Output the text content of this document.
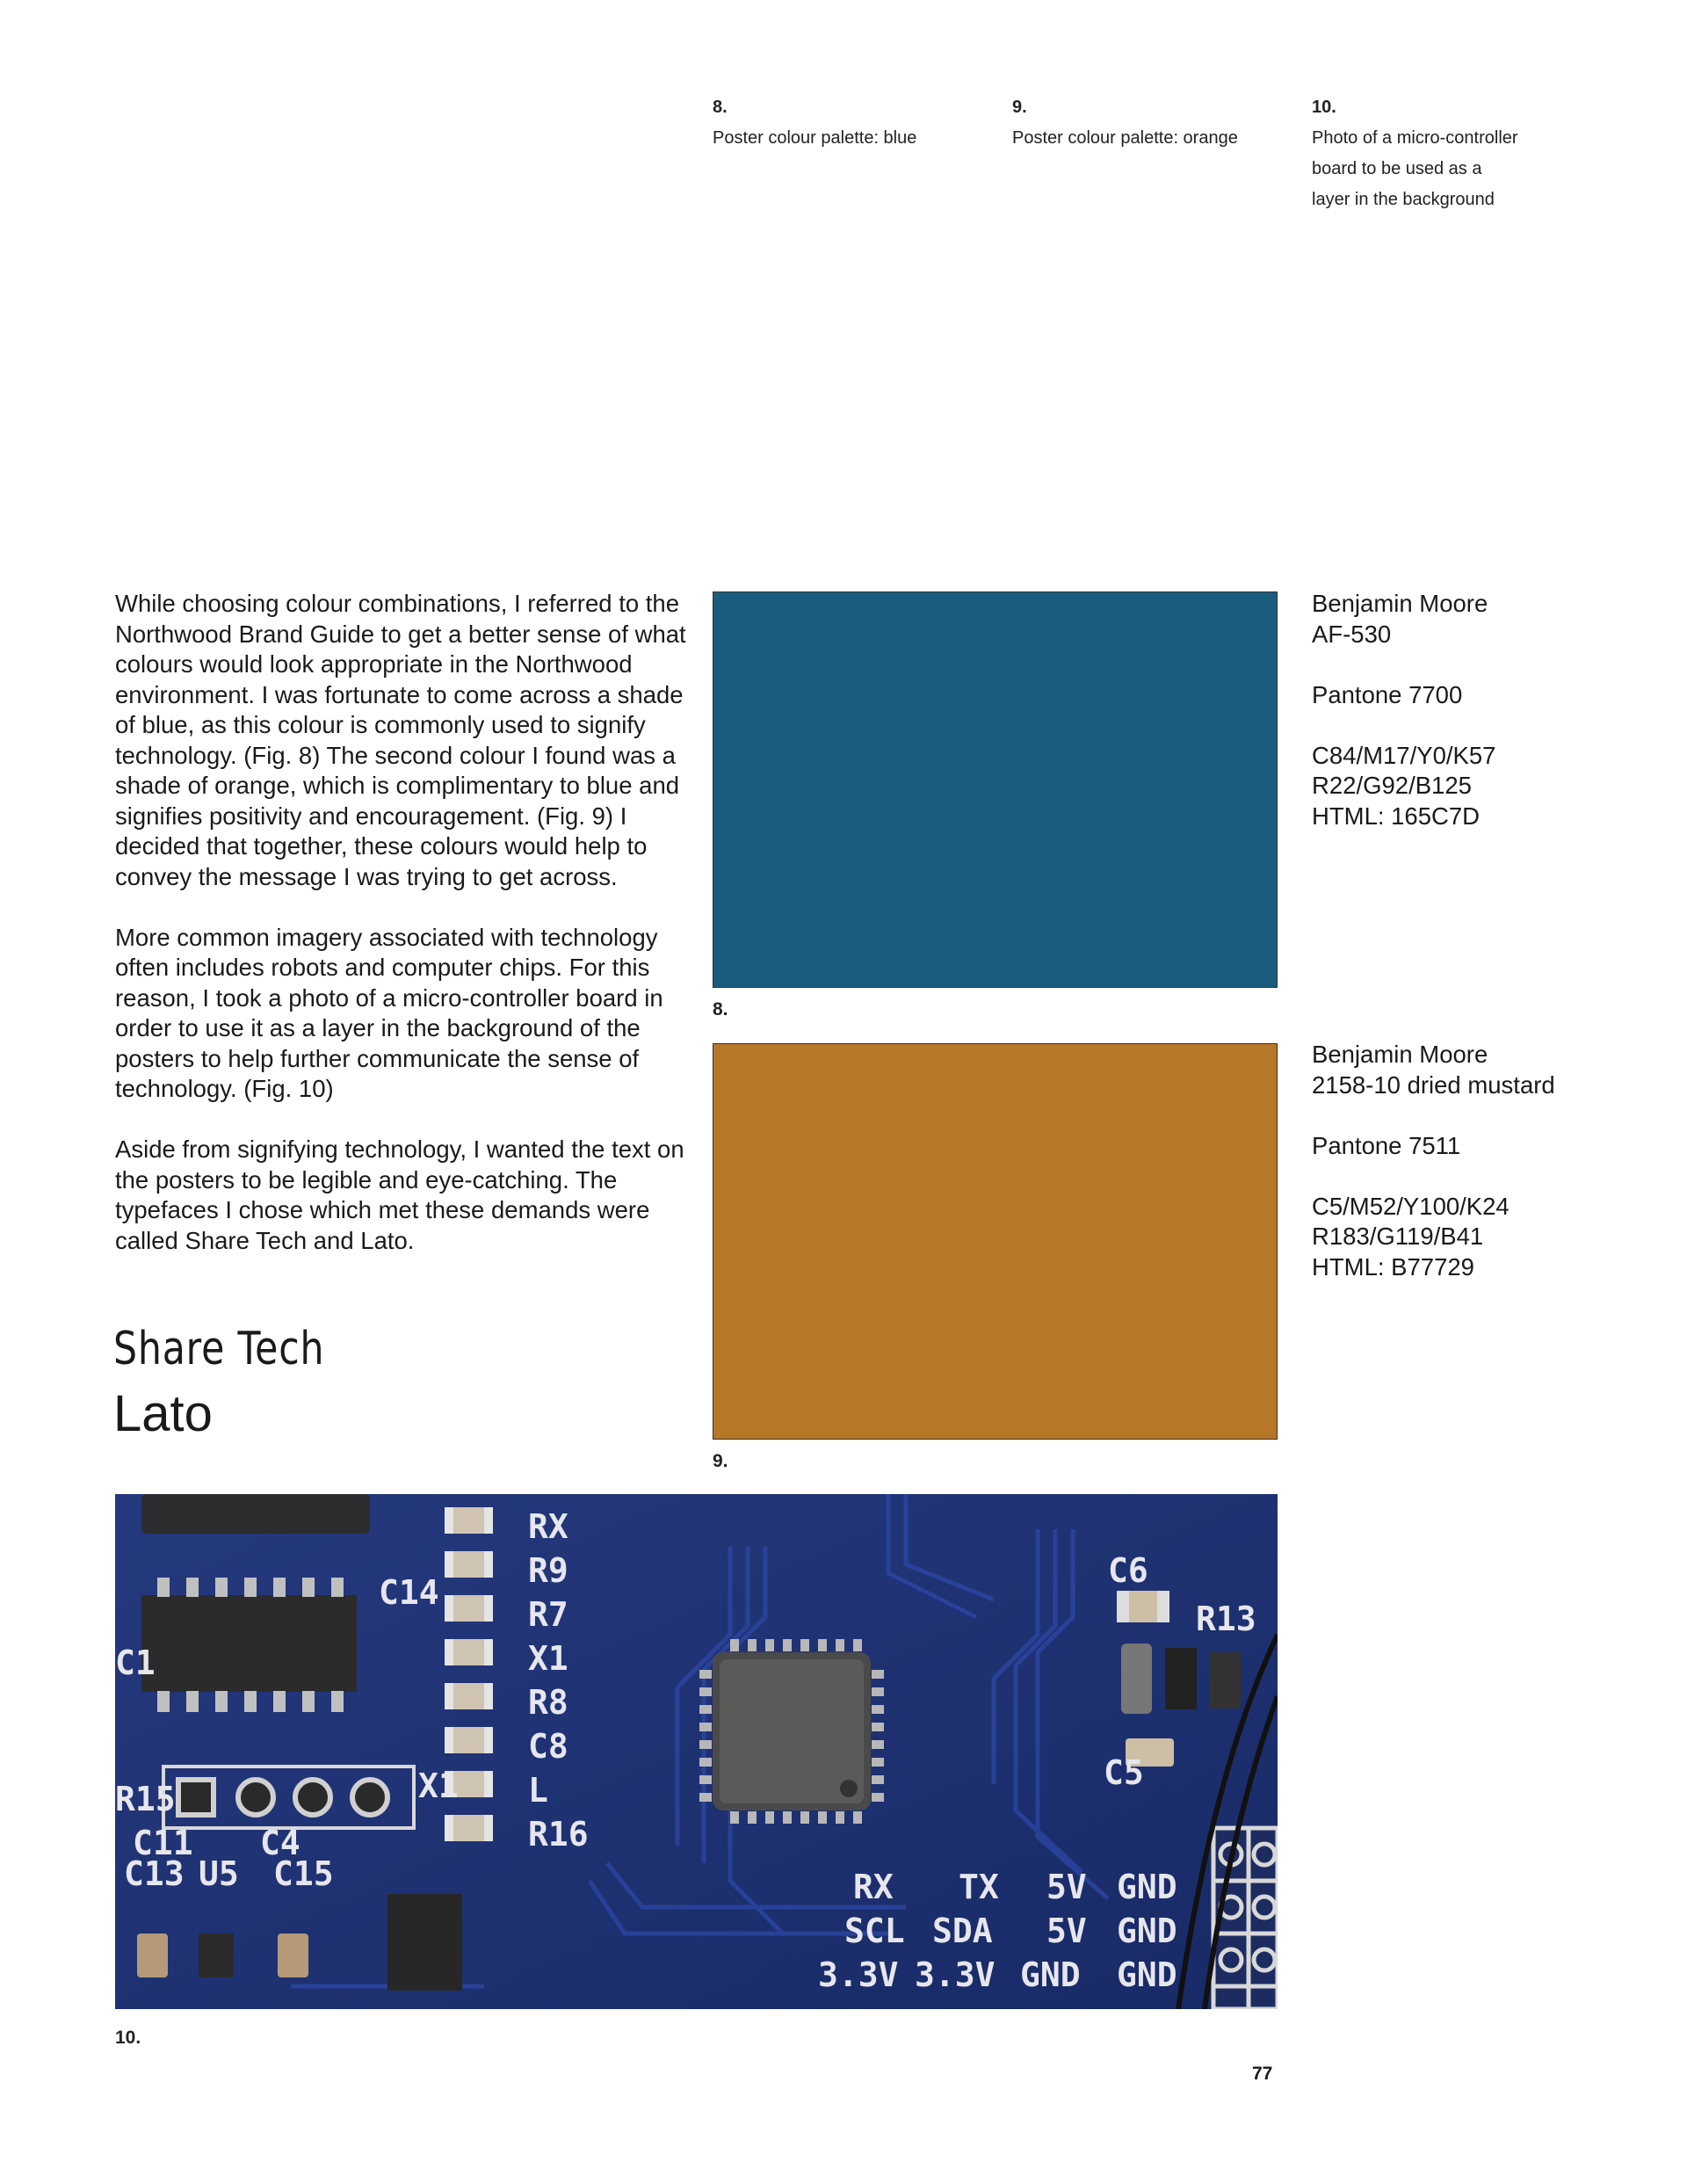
8.
Poster colour palette: blue
9.
Poster colour palette: orange
10.
Photo of a micro-controller
board to be used as a
layer in the background

While choosing colour combinations, I referred to the Northwood Brand Guide to get a better sense of what colours would look appropriate in the Northwood environment. I was fortunate to come across a shade of blue, as this colour is commonly used to signify technology. (Fig. 8) The second colour I found was a shade of orange, which is complimentary to blue and signifies positivity and encouragement. (Fig. 9) I decided that together, these colours would help to convey the message I was trying to get across.

More common imagery associated with technology often includes robots and computer chips. For this reason, I took a photo of a micro-controller board in order to use it as a layer in the background of the posters to help further communicate the sense of technology. (Fig. 10)

Aside from signifying technology, I wanted the text on the posters to be legible and eye-catching. The typefaces I chose which met these demands were called Share Tech and Lato.

Share Tech
Lato
8.
Benjamin Moore
AF-530
Pantone 7700
C84/M17/Y0/K57
R22/G92/B125
HTML: 165C7D
9.
Benjamin Moore
2158-10 dried mustard
Pantone 7511
C5/M52/Y100/K24
R183/G119/B41
HTML: B77729
RX
R9
R7
X1
R8
C8
L
R16
C14
C1
R15	X1
C11 C4
C13 U5 C15
C6
R13
C5
RX TX 5V GND
SCL SDA 5V GND
3.3V 3.3V GND GND
10.
77
